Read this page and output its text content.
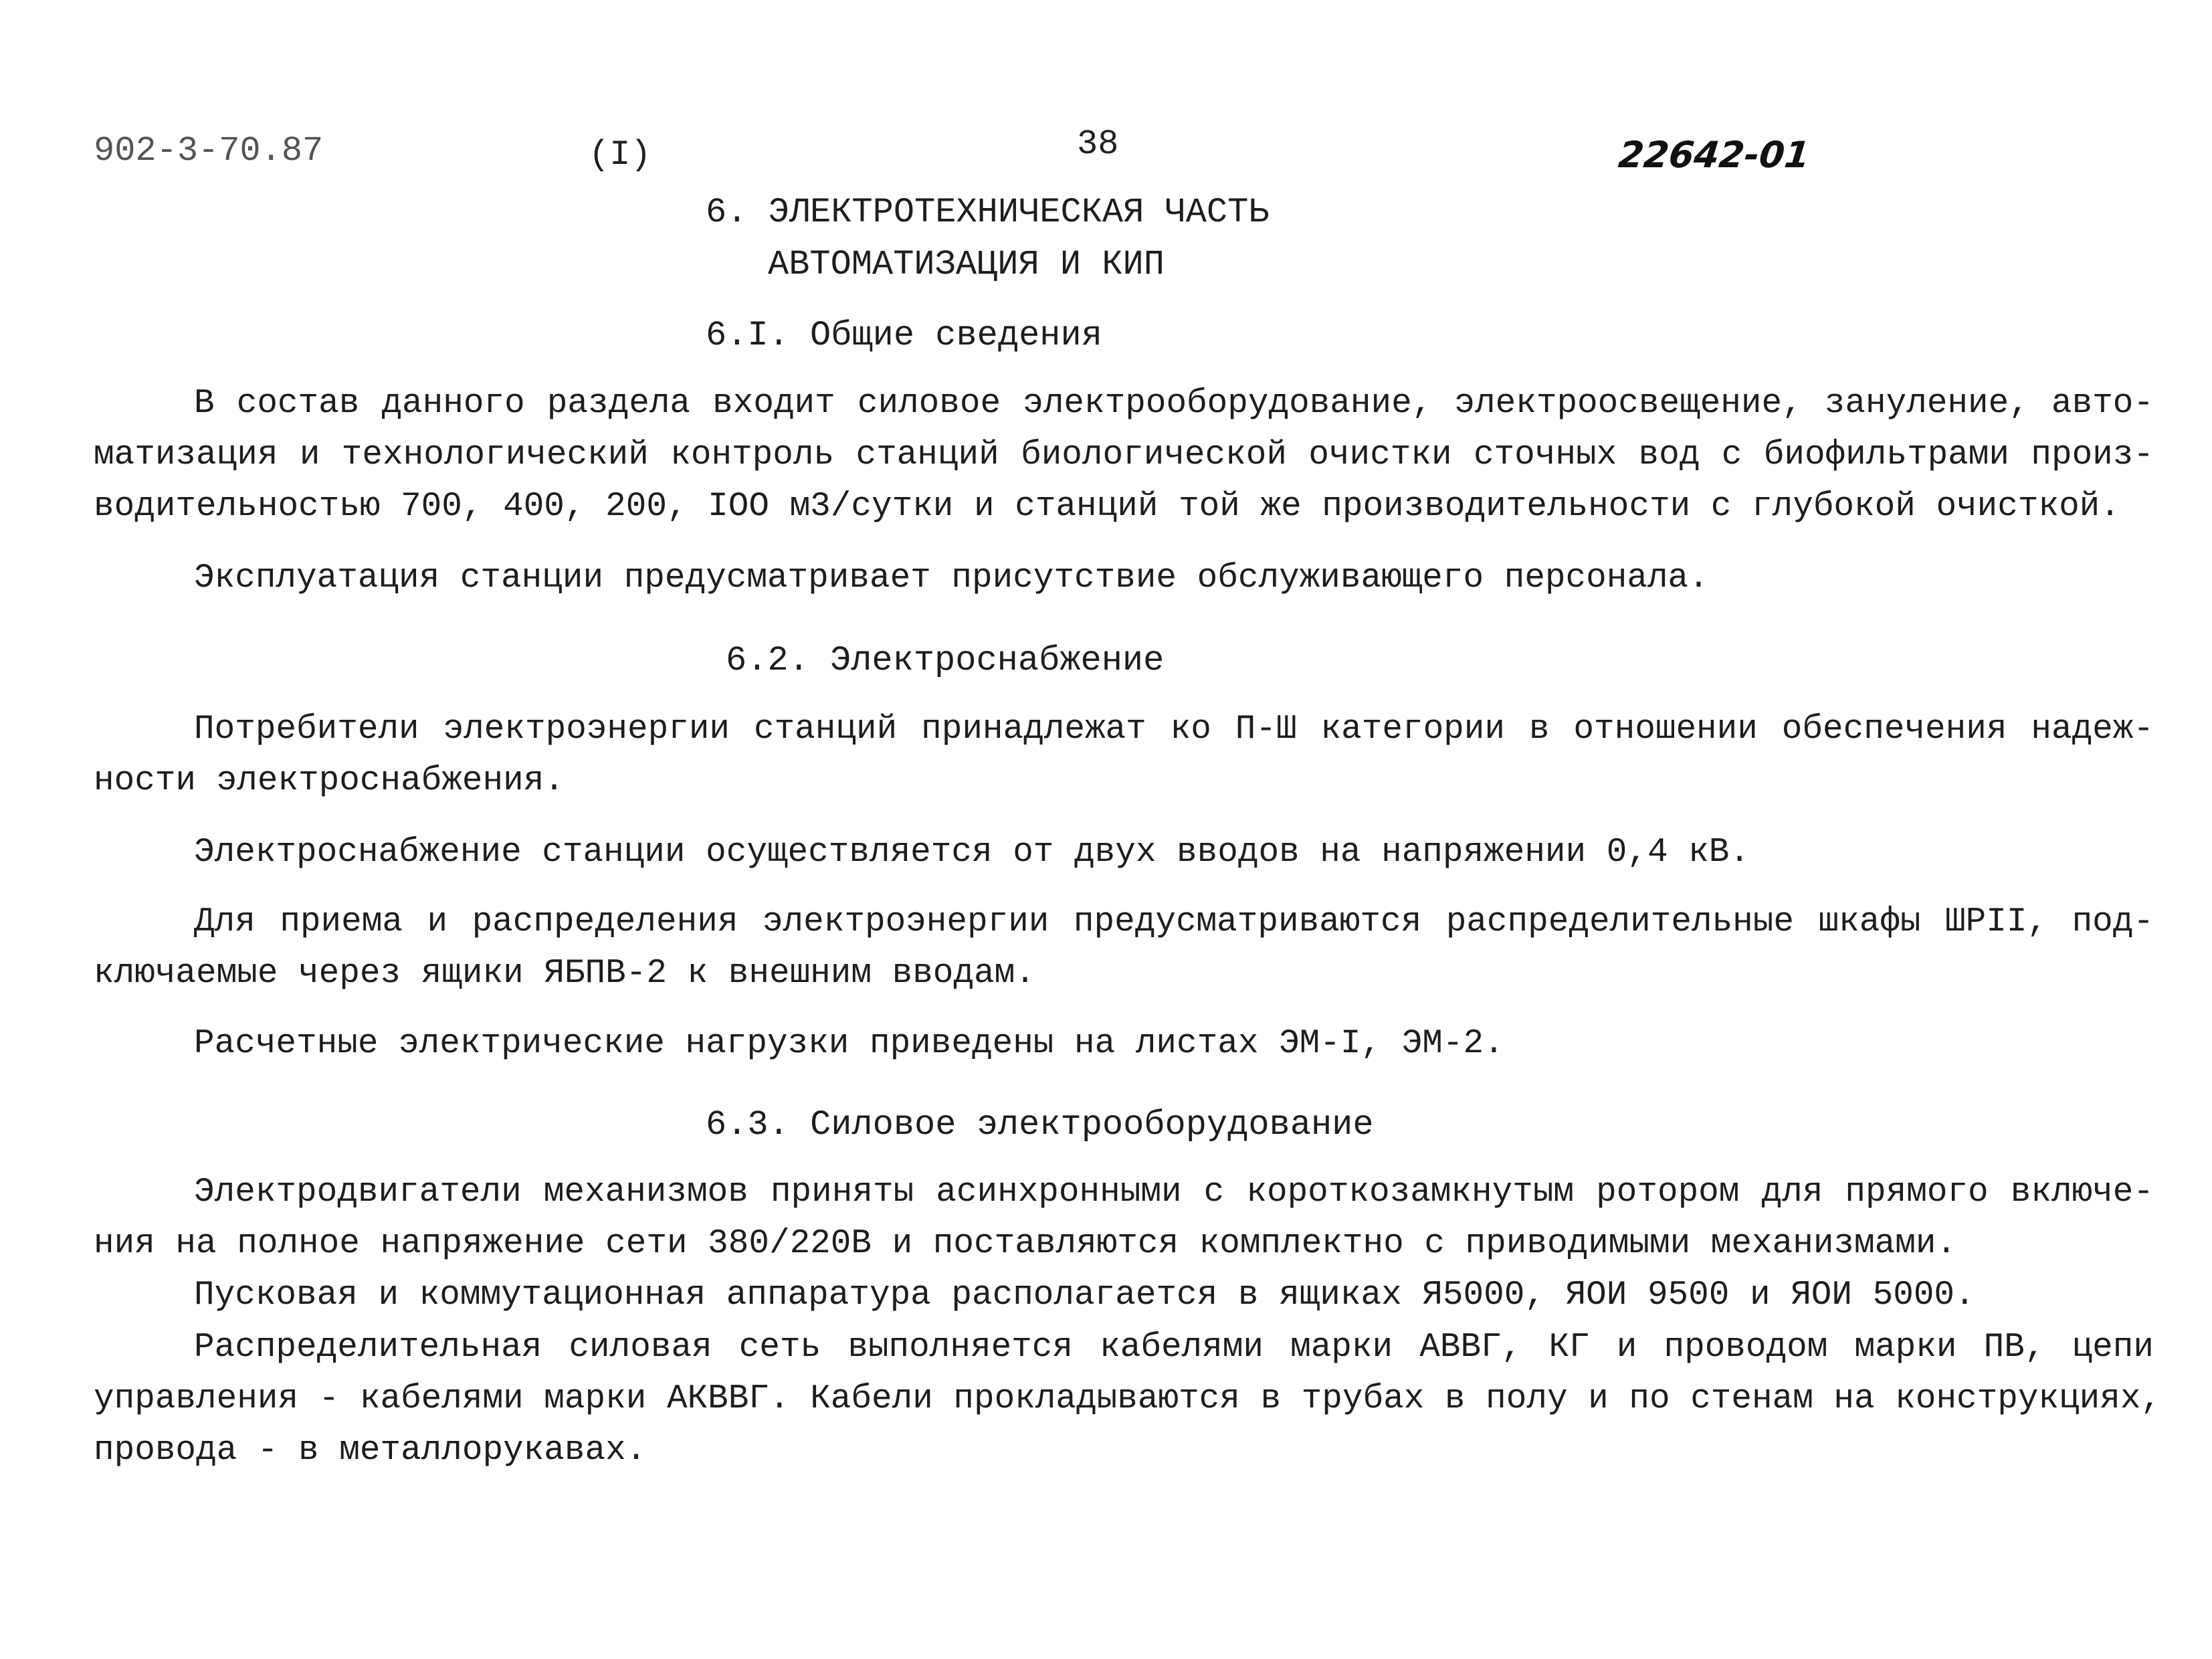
902-3-70.87	(I)	38	22642-01
6. ЭЛЕКТРОТЕХНИЧЕСКАЯ ЧАСТЬ
АВТОМАТИЗАЦИЯ И КИП
6.I. Общие сведения
В состав данного раздела входит силовое электрооборудование, электроосвещение, зануление, авто-
матизация и технологический контроль станций биологической очистки сточных вод с биофильтрами произ-
водительностью 700, 400, 200, IOO м3/сутки и станций той же производительности с глубокой очисткой.
Эксплуатация станции предусматривает присутствие обслуживающего персонала.
6.2. Электроснабжение
Потребители электроэнергии станций принадлежат ко П-Ш категории в отношении обеспечения надеж-
ности электроснабжения.
Электроснабжение станции осуществляется от двух вводов на напряжении 0,4 кВ.
Для приема и распределения электроэнергии предусматриваются распределительные шкафы ШРII, под-
ключаемые через ящики ЯБПВ-2 к внешним вводам.
Расчетные электрические нагрузки приведены на листах ЭМ-I, ЭМ-2.
6.3. Силовое электрооборудование
Электродвигатели механизмов приняты асинхронными с короткозамкнутым ротором для прямого включе-
ния на полное напряжение сети 380/220В и поставляются комплектно с приводимыми механизмами.
Пусковая и коммутационная аппаратура располагается в ящиках Я5000, ЯОИ 9500 и ЯОИ 5000.
Распределительная силовая сеть выполняется кабелями марки АВВГ, КГ и проводом марки ПВ, цепи
управления - кабелями марки АКВВГ. Кабели прокладываются в трубах в полу и по стенам на конструкциях,
провода - в металлорукавах.
